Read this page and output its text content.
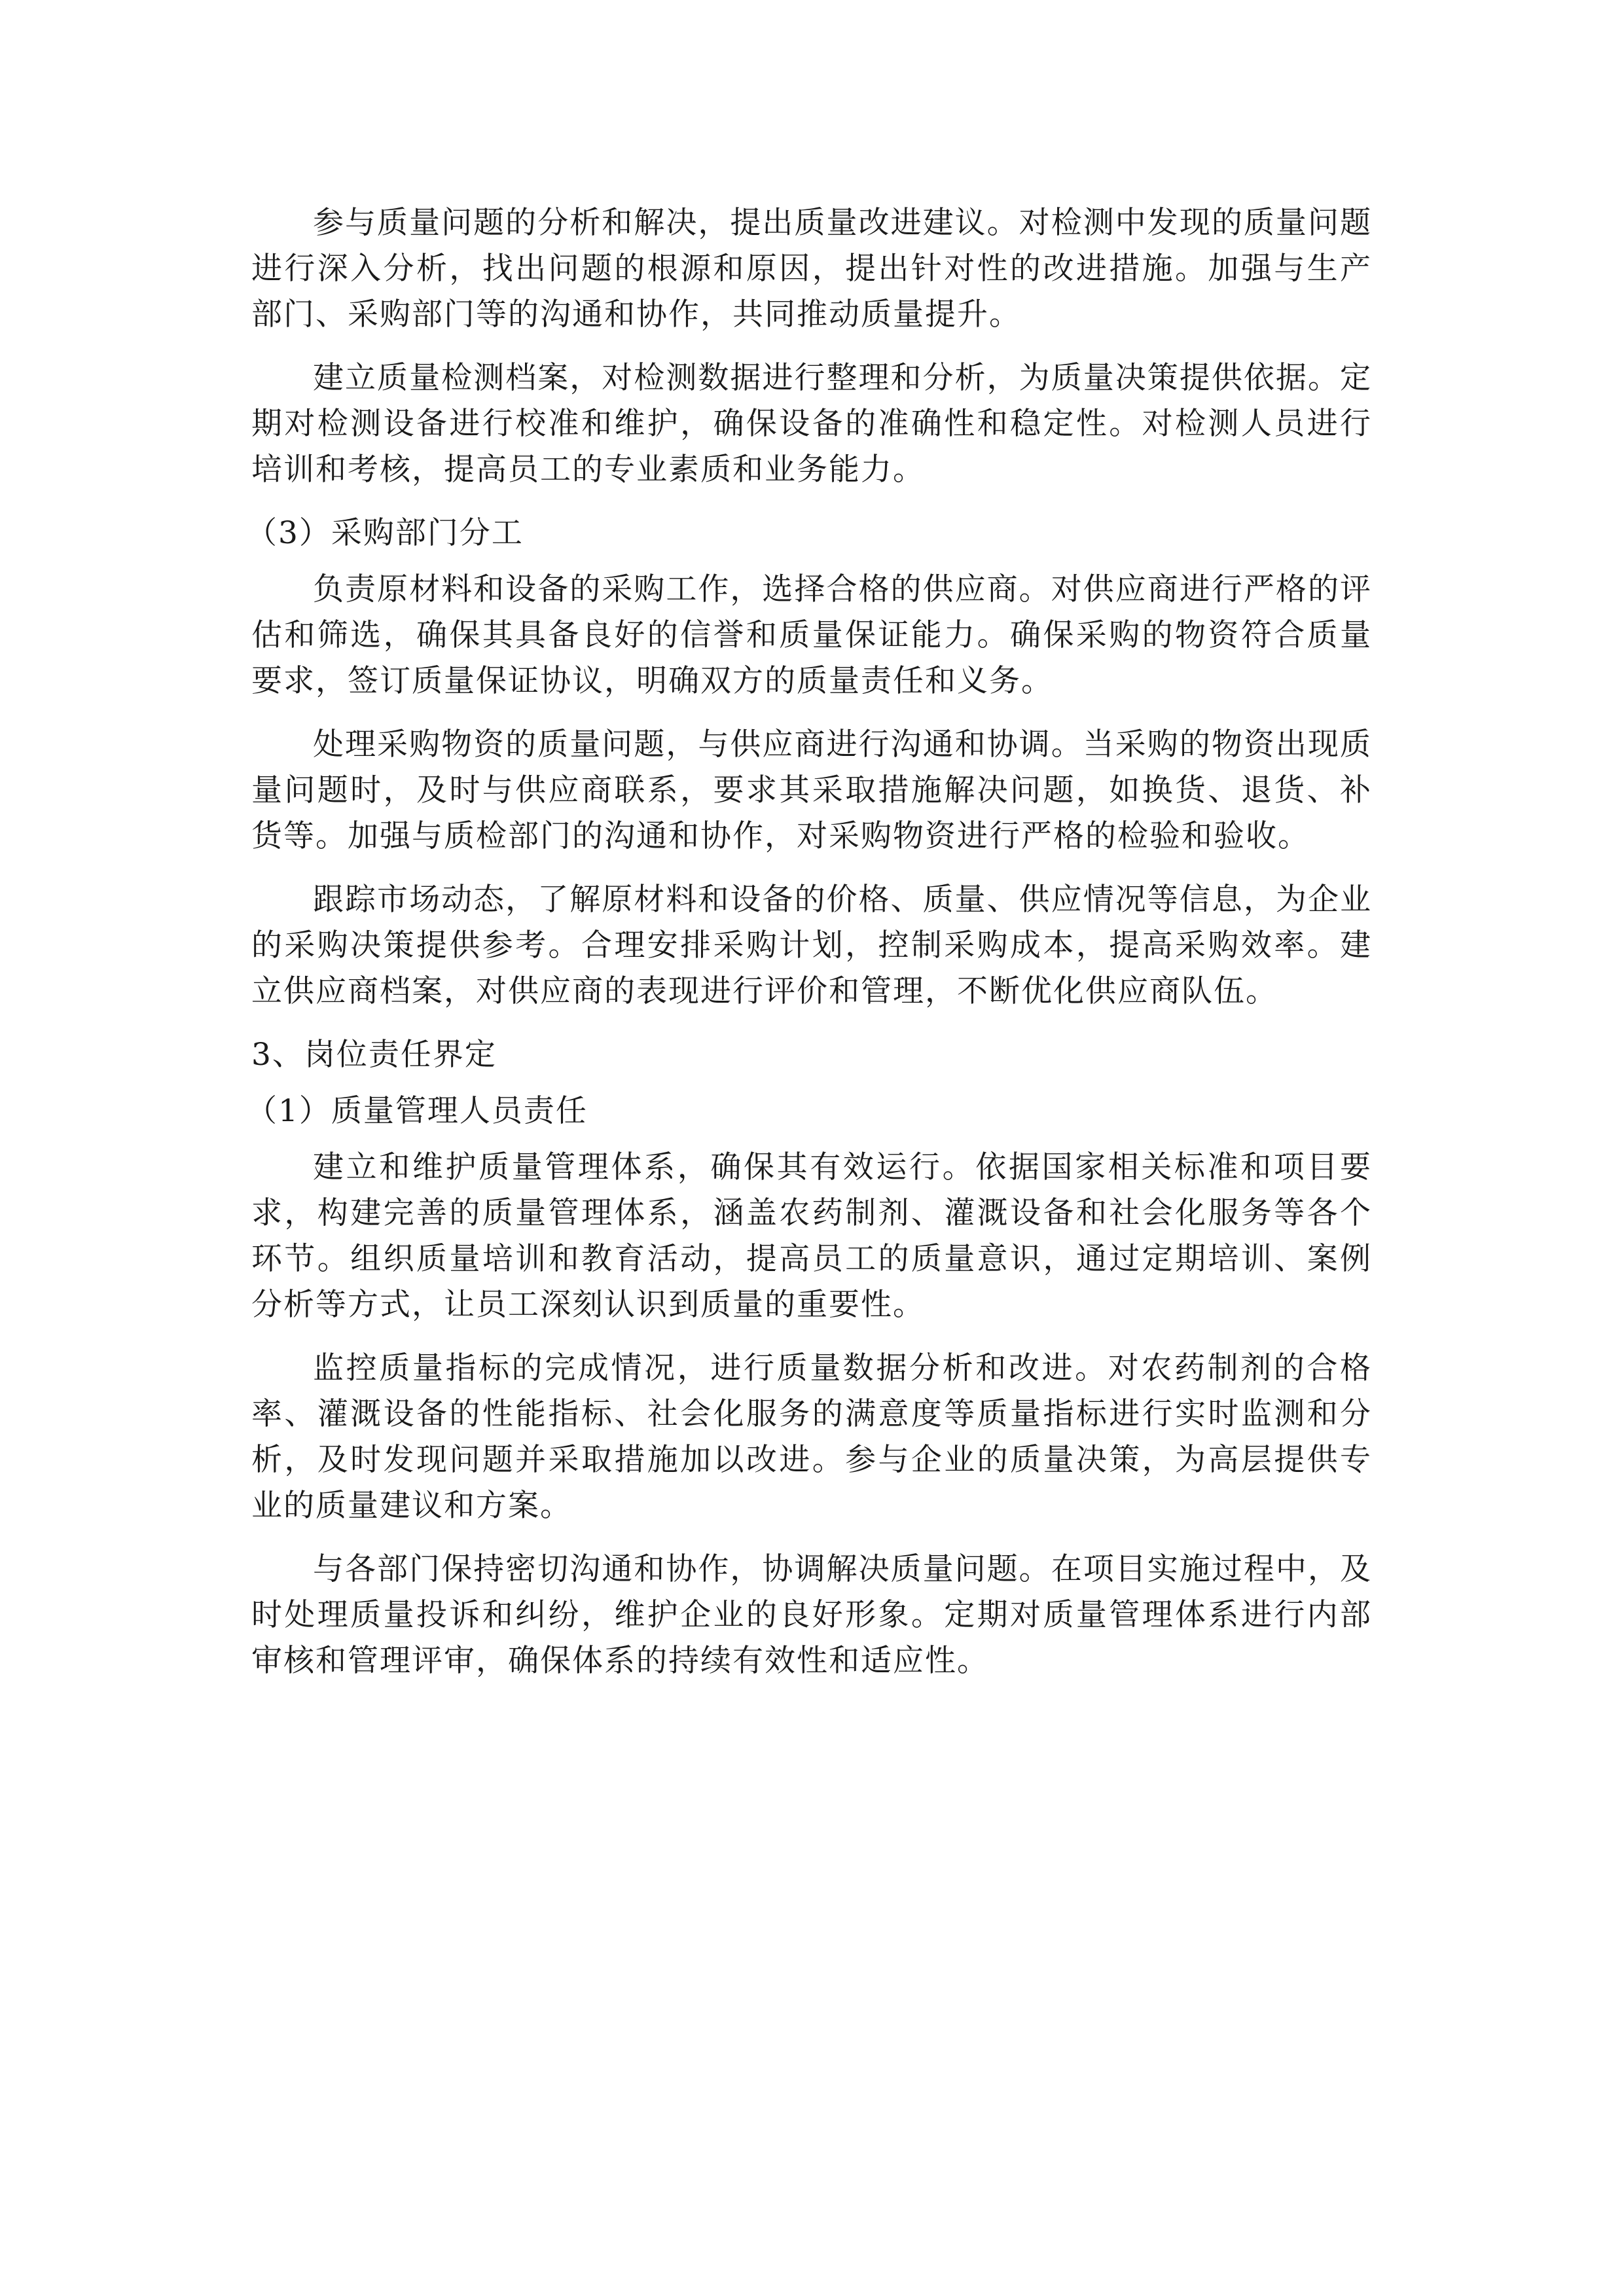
参与质量问题的分析和解决，提出质量改进建议。对检测中发现的质量问题进行深入分析，找出问题的根源和原因，提出针对性的改进措施。加强与生产部门、采购部门等的沟通和协作，共同推动质量提升。

建立质量检测档案，对检测数据进行整理和分析，为质量决策提供依据。定期对检测设备进行校准和维护，确保设备的准确性和稳定性。对检测人员进行培训和考核，提高员工的专业素质和业务能力。

（3）采购部门分工

负责原材料和设备的采购工作，选择合格的供应商。对供应商进行严格的评估和筛选，确保其具备良好的信誉和质量保证能力。确保采购的物资符合质量要求，签订质量保证协议，明确双方的质量责任和义务。

处理采购物资的质量问题，与供应商进行沟通和协调。当采购的物资出现质量问题时，及时与供应商联系，要求其采取措施解决问题，如换货、退货、补货等。加强与质检部门的沟通和协作，对采购物资进行严格的检验和验收。

跟踪市场动态，了解原材料和设备的价格、质量、供应情况等信息，为企业的采购决策提供参考。合理安排采购计划，控制采购成本，提高采购效率。建立供应商档案，对供应商的表现进行评价和管理，不断优化供应商队伍。

3、岗位责任界定

（1）质量管理人员责任

建立和维护质量管理体系，确保其有效运行。依据国家相关标准和项目要求，构建完善的质量管理体系，涵盖农药制剂、灌溉设备和社会化服务等各个环节。组织质量培训和教育活动，提高员工的质量意识，通过定期培训、案例分析等方式，让员工深刻认识到质量的重要性。

监控质量指标的完成情况，进行质量数据分析和改进。对农药制剂的合格率、灌溉设备的性能指标、社会化服务的满意度等质量指标进行实时监测和分析，及时发现问题并采取措施加以改进。参与企业的质量决策，为高层提供专业的质量建议和方案。

与各部门保持密切沟通和协作，协调解决质量问题。在项目实施过程中，及时处理质量投诉和纠纷，维护企业的良好形象。定期对质量管理体系进行内部审核和管理评审，确保体系的持续有效性和适应性。
